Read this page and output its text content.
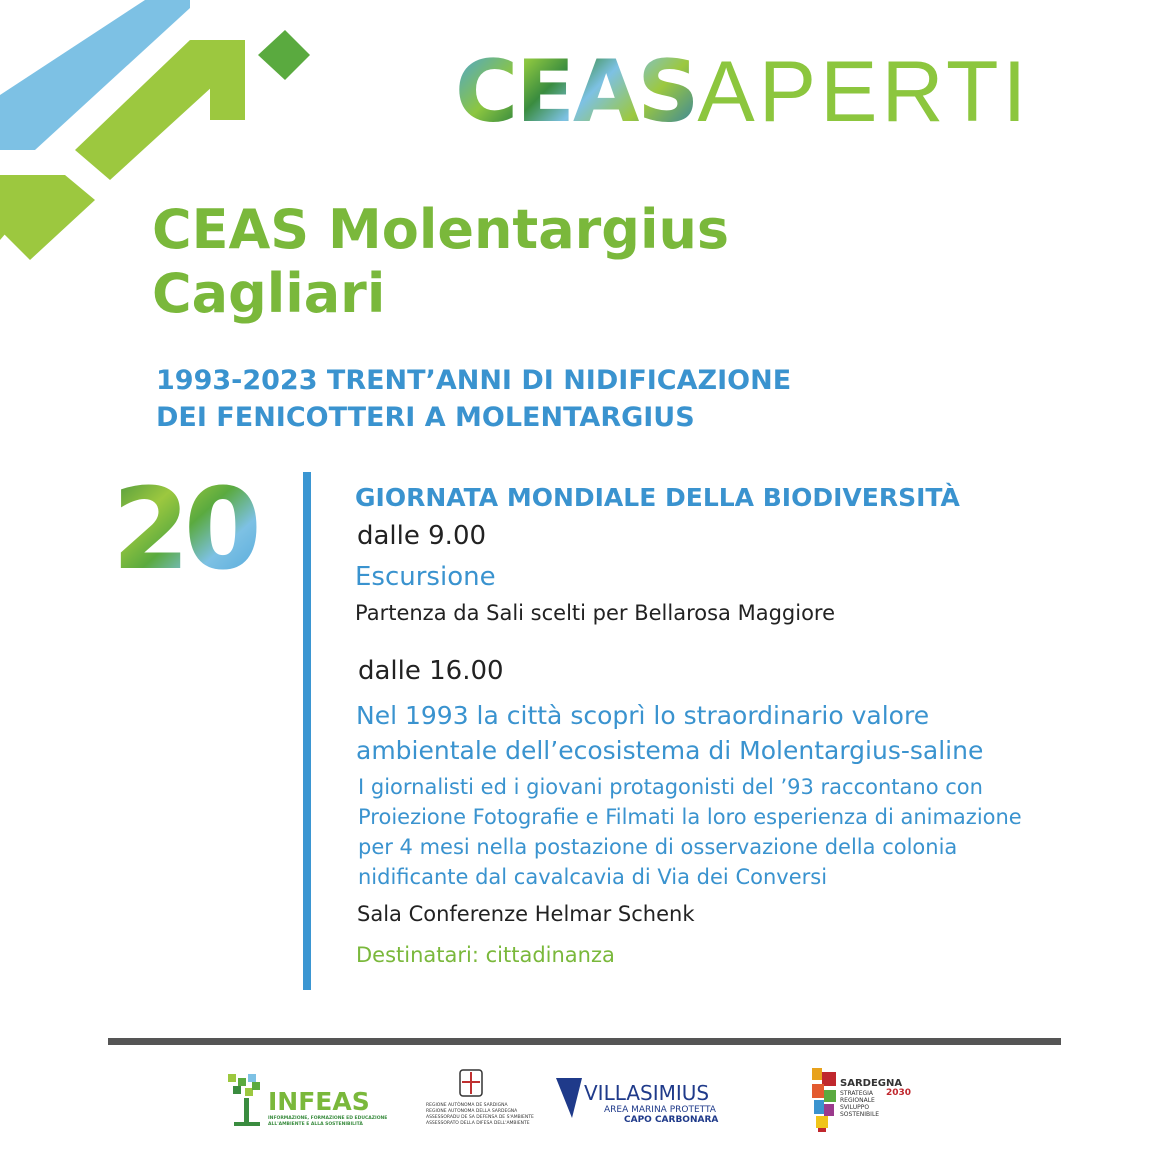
CEAS APERTI
CEAS Molentargius
Cagliari
1993-2023 TRENT’ANNI DI NIDIFICAZIONE
DEI FENICOTTERI A MOLENTARGIUS
20	GIORNATA MONDIALE DELLA BIODIVERSITÀ
dalle 9.00
Escursione
Partenza da Sali scelti per Bellarosa Maggiore
dalle 16.00
Nel 1993 la città scoprì lo straordinario valore
ambientale dell’ecosistema di Molentargius-saline
I giornalisti ed i giovani protagonisti del ’93 raccontano con
Proiezione Fotografie e Filmati la loro esperienza di animazione
per 4 mesi nella postazione di osservazione della colonia
nidificante dal cavalcavia di Via dei Conversi
Sala Conferenze Helmar Schenk
Destinatari: cittadinanza
INFEAS
INFORMAZIONE, FORMAZIONE ED EDUCAZIONE
ALL'AMBIENTE E ALLA SOSTENIBILITÀ
REGIONE AUTÒNOMA DE SARDIGNA
REGIONE AUTONOMA DELLA SARDEGNA
ASSESSORADU DE SA DEFENSA DE S'AMBIENTE
ASSESSORATO DELLA DIFESA DELL'AMBIENTE
VILLASIMIUS
AREA MARINA PROTETTA
CAPO CARBONARA
SARDEGNA
STRATEGIA
REGIONALE
SVILUPPO
SOSTENIBILE
2030
